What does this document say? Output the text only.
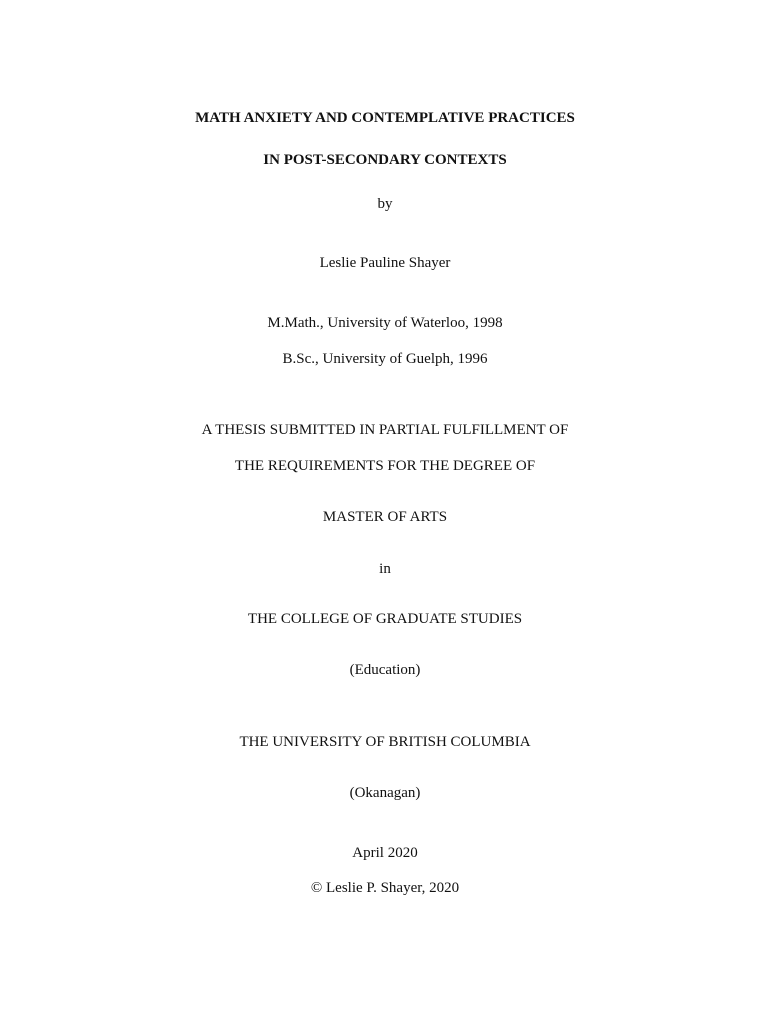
MATH ANXIETY AND CONTEMPLATIVE PRACTICES
IN POST-SECONDARY CONTEXTS
by
Leslie Pauline Shayer
M.Math., University of Waterloo, 1998
B.Sc., University of Guelph, 1996
A THESIS SUBMITTED IN PARTIAL FULFILLMENT OF
THE REQUIREMENTS FOR THE DEGREE OF
MASTER OF ARTS
in
THE COLLEGE OF GRADUATE STUDIES
(Education)
THE UNIVERSITY OF BRITISH COLUMBIA
(Okanagan)
April 2020
© Leslie P. Shayer, 2020
